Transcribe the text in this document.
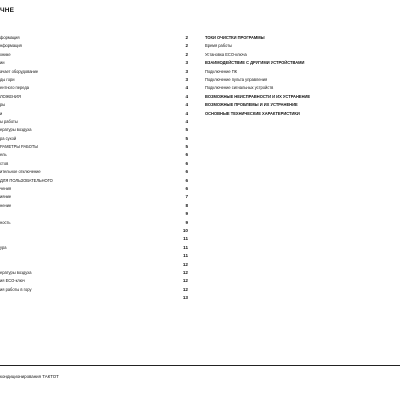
ЧНЕ
формация	2
нформация	2
хнике	2
ии	3
ачает оборудование	3
ды гори	3
ентного переда	4
ЛОЖЕНИЯ	4
ры	4
и	4
ы работы	4
ературы воздуха	5
ра сухой	5
РАМЕТРЫ РАБОТЫ	5
ель	6
стов	6
ительное отключение	6
ДЛЯ ПОЛЬЗОВАТЕЛЬНОГО	6
чения	6
ияние	7
нение	8
9
ность	9
10
11
ура	11
11
12
ературы воздуха	12
ия ЕСО-ключ	12
ия работы в гору	12
13
ТОКИ ОЧИСТКИ ПРОГРАММЫ
Время работы
Установка ECO-ключа
ВЗАИМОДЕЙСТВИЕ С ДРУГИМИ УСТРОЙСТВАМИ
Подключение ПК
Подключение пульта управления
Подключение сигнальных устройств
ВОЗМОЖНЫЕ НЕИСПРАВНОСТИ И ИХ УСТРАНЕНИЕ
ВОЗМОЖНЫЕ ПРОБЛЕМЫ И ИХ УСТРАНЕНИЕ
ОСНОВНЫЕ ТЕХНИЧЕСКИЕ ХАРАКТЕРИСТИКИ
кондиционирования ТАКТОТ
